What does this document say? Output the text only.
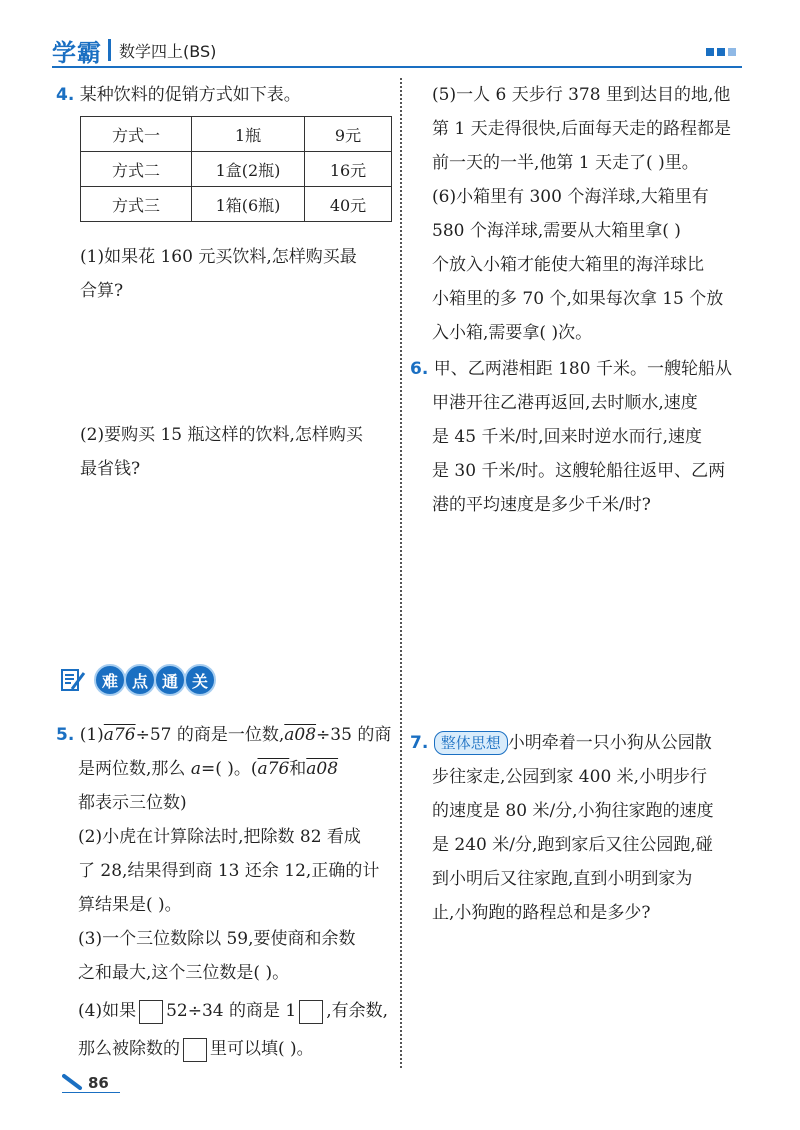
学霸 数学四上(BS)
4. 某种饮料的促销方式如下表。
方式一	1瓶	9元
方式二	1盒(2瓶)	16元
方式三	1箱(6瓶)	40元
(1)如果花 160 元买饮料,怎样购买最
合算?
(2)要购买 15 瓶这样的饮料,怎样购买
最省钱?
(5)一人 6 天步行 378 里到达目的地,他
第 1 天走得很快,后面每天走的路程都是
前一天的一半,他第 1 天走了( )里。
(6)小箱里有 300 个海洋球,大箱里有
580 个海洋球,需要从大箱里拿( )
个放入小箱才能使大箱里的海洋球比
小箱里的多 70 个,如果每次拿 15 个放
入小箱,需要拿( )次。
6. 甲、乙两港相距 180 千米。一艘轮船从
甲港开往乙港再返回,去时顺水,速度
是 45 千米/时,回来时逆水而行,速度
是 30 千米/时。这艘轮船往返甲、乙两
港的平均速度是多少千米/时?
难 点 通 关
5. (1)a76÷57 的商是一位数,a08÷35 的商
是两位数,那么 a=( )。(a76和a08
都表示三位数)
(2)小虎在计算除法时,把除数 82 看成
了 28,结果得到商 13 还余 12,正确的计
算结果是( )。
(3)一个三位数除以 59,要使商和余数
之和最大,这个三位数是( )。
(4)如果 52÷34 的商是 1 ,有余数,
那么被除数的 里可以填( )。
7. 整体思想 小明牵着一只小狗从公园散
步往家走,公园到家 400 米,小明步行
的速度是 80 米/分,小狗往家跑的速度
是 240 米/分,跑到家后又往公园跑,碰
到小明后又往家跑,直到小明到家为
止,小狗跑的路程总和是多少?
86
